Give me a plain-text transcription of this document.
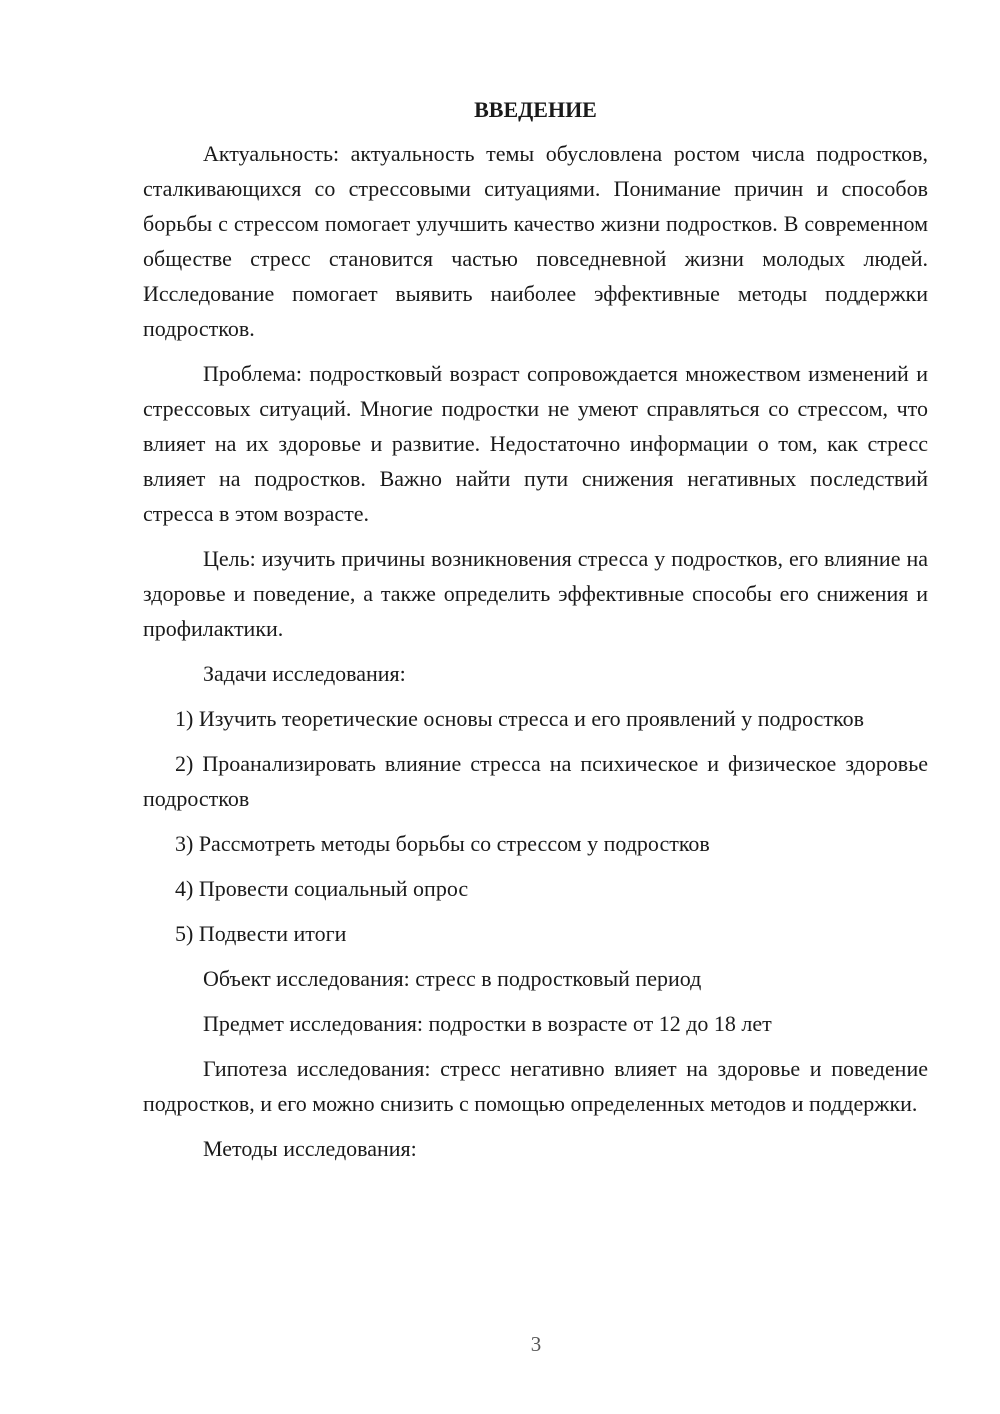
ВВЕДЕНИЕ

Актуальность: актуальность темы обусловлена ростом числа подростков, сталкивающихся со стрессовыми ситуациями. Понимание причин и способов борьбы с стрессом помогает улучшить качество жизни подростков. В современном обществе стресс становится частью повседневной жизни молодых людей. Исследование помогает выявить наиболее эффективные методы поддержки подростков.

Проблема: подростковый возраст сопровождается множеством изменений и стрессовых ситуаций. Многие подростки не умеют справляться со стрессом, что влияет на их здоровье и развитие. Недостаточно информации о том, как стресс влияет на подростков. Важно найти пути снижения негативных последствий стресса в этом возрасте.

Цель: изучить причины возникновения стресса у подростков, его влияние на здоровье и поведение, а также определить эффективные способы его снижения и профилактики.

Задачи исследования:

1) Изучить теоретические основы стресса и его проявлений у подростков

2) Проанализировать влияние стресса на психическое и физическое здоровье подростков

3) Рассмотреть методы борьбы со стрессом у подростков

4) Провести социальный опрос

5) Подвести итоги

Объект исследования: стресс в подростковый период

Предмет исследования: подростки в возрасте от 12 до 18 лет

Гипотеза исследования: стресс негативно влияет на здоровье и поведение подростков, и его можно снизить с помощью определенных методов и поддержки.

Методы исследования:

3
